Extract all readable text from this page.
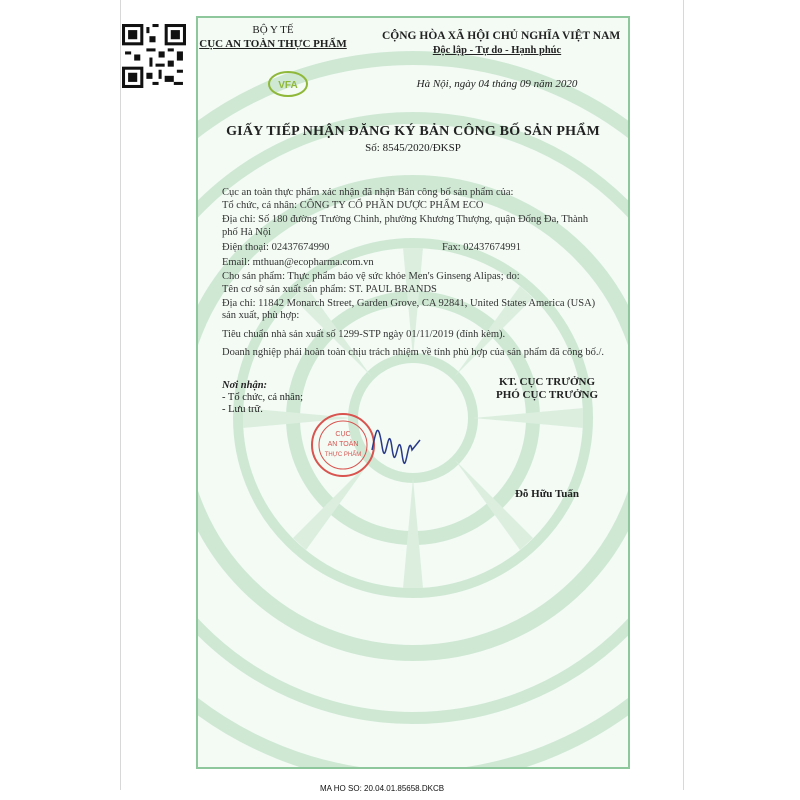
BỘ Y TẾ
CỤC AN TOÀN THỰC PHẨM
VFA
CỘNG HÒA XÃ HỘI CHỦ NGHĨA VIỆT NAM
Độc lập - Tự do - Hạnh phúc
Hà Nội, ngày 04 tháng 09 năm 2020
GIẤY TIẾP NHẬN ĐĂNG KÝ BẢN CÔNG BỐ SẢN PHẨM
Số: 8545/2020/ĐKSP
Cục an toàn thực phẩm xác nhận đã nhận Bản công bố sản phẩm của:
Tổ chức, cá nhân: CÔNG TY CỔ PHẦN DƯỢC PHẨM ECO
Địa chỉ: Số 180 đường Trường Chinh, phường Khương Thượng, quận Đống Đa, Thành
phố Hà Nội
Điện thoại: 02437674990	Fax: 02437674991
Email: mthuan@ecopharma.com.vn
Cho sản phẩm: Thực phẩm bảo vệ sức khỏe Men's Ginseng Alipas; do:
Tên cơ sở sản xuất sản phẩm: ST. PAUL BRANDS
Địa chỉ: 11842 Monarch Street, Garden Grove, CA 92841, United States America (USA)
sản xuất, phù hợp:
Tiêu chuẩn nhà sản xuất số 1299-STP ngày 01/11/2019 (đính kèm).
Doanh nghiệp phải hoàn toàn chịu trách nhiệm về tính phù hợp của sản phẩm đã công bố./.
Nơi nhận:
- Tổ chức, cá nhân;
- Lưu trữ.
KT. CỤC TRƯỞNG
PHÓ CỤC TRƯỞNG
CỤC
AN TOÀN
THỰC PHẨM
Đỗ Hữu Tuấn
MA HO SO: 20.04.01.85658.DKCB
